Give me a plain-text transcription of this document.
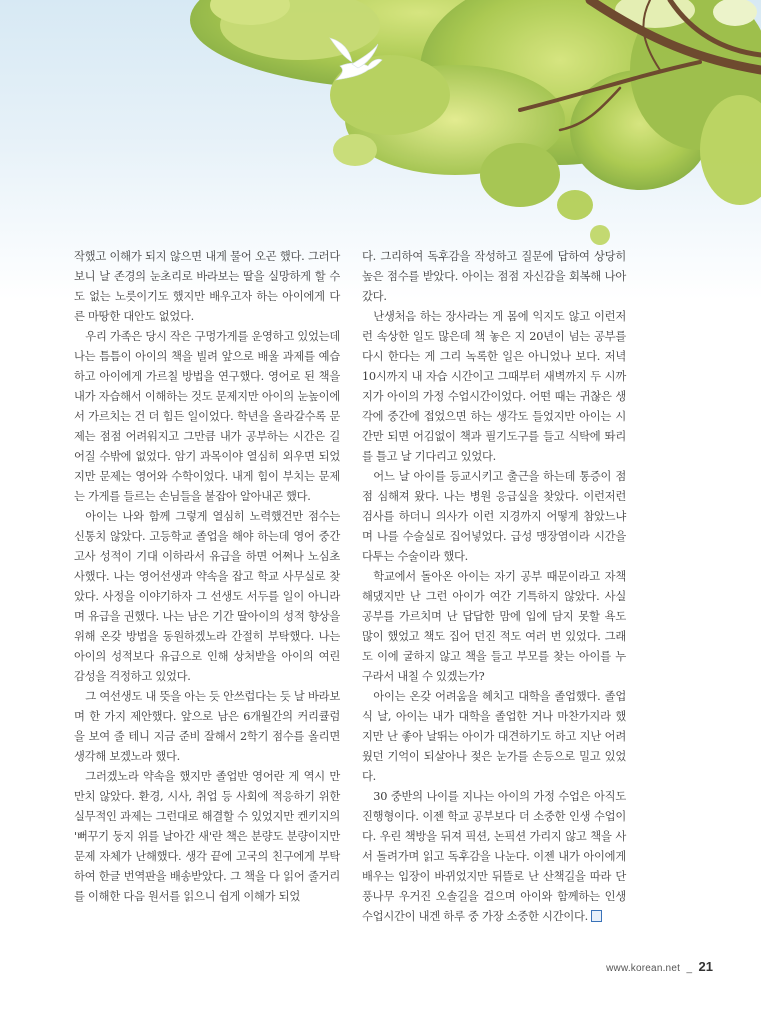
작했고 이해가 되지 않으면 내게 물어 오곤 했다. 그러다 보니 날 존경의 눈초리로 바라보는 딸을 실망하게 할 수도 없는 노릇이기도 했지만 배우고자 하는 아이에게 다른 마땅한 대안도 없었다.

우리 가족은 당시 작은 구멍가게를 운영하고 있었는데 나는 틈틈이 아이의 책을 빌려 앞으로 배울 과제를 예습하고 아이에게 가르칠 방법을 연구했다. 영어로 된 책을 내가 자습해서 이해하는 것도 문제지만 아이의 눈높이에서 가르치는 건 더 힘든 일이었다. 학년을 올라갈수록 문제는 점점 어려워지고 그만큼 내가 공부하는 시간은 길어질 수밖에 없었다. 암기 과목이야 열심히 외우면 되었지만 문제는 영어와 수학이었다. 내게 힘이 부치는 문제는 가게를 들르는 손님들을 붙잡아 알아내곤 했다.

아이는 나와 함께 그렇게 열심히 노력했건만 점수는 신통치 않았다. 고등학교 졸업을 해야 하는데 영어 중간고사 성적이 기대 이하라서 유급을 하면 어쩌나 노심초사했다. 나는 영어선생과 약속을 잡고 학교 사무실로 찾았다. 사정을 이야기하자 그 선생도 서두를 일이 아니라며 유급을 권했다. 나는 남은 기간 딸아이의 성적 향상을 위해 온갖 방법을 동원하겠노라 간절히 부탁했다. 나는 아이의 성적보다 유급으로 인해 상처받을 아이의 여린 감성을 걱정하고 있었다.

그 여선생도 내 뜻을 아는 듯 안쓰럽다는 듯 날 바라보며 한 가지 제안했다. 앞으로 남은 6개월간의 커리큘럼을 보여 줄 테니 지금 준비 잘해서 2학기 점수를 올리면 생각해 보겠노라 했다.

그러겠노라 약속을 했지만 졸업반 영어란 게 역시 만만치 않았다. 환경, 시사, 취업 등 사회에 적응하기 위한 실무적인 과제는 그런대로 해결할 수 있었지만 켄키지의 '뻐꾸기 둥지 위를 날아간 새'란 책은 분량도 분량이지만 문제 자체가 난해했다. 생각 끝에 고국의 친구에게 부탁하여 한글 번역판을 배송받았다. 그 책을 다 읽어 줄거리를 이해한 다음 원서를 읽으니 쉽게 이해가 되었

다. 그리하여 독후감을 작성하고 질문에 답하여 상당히 높은 점수를 받았다. 아이는 점점 자신감을 회복해 나아갔다.

난생처음 하는 장사라는 게 몸에 익지도 않고 이런저런 속상한 일도 많은데 책 놓은 지 20년이 넘는 공부를 다시 한다는 게 그리 녹록한 일은 아니었나 보다. 저녁 10시까지 내 자습 시간이고 그때부터 새벽까지 두 시까지가 아이의 가정 수업시간이었다. 어떤 때는 귀찮은 생각에 중간에 접었으면 하는 생각도 들었지만 아이는 시간만 되면 어김없이 책과 필기도구를 들고 식탁에 똬리를 틀고 날 기다리고 있었다.

어느 날 아이를 등교시키고 출근을 하는데 통증이 점점 심해져 왔다. 나는 병원 응급실을 찾았다. 이런저런 검사를 하더니 의사가 이런 지경까지 어떻게 참았느냐며 나를 수술실로 집어넣었다. 급성 맹장염이라 시간을 다투는 수술이라 했다.

학교에서 돌아온 아이는 자기 공부 때문이라고 자책해댔지만 난 그런 아이가 여간 기특하지 않았다. 사실 공부를 가르치며 난 답답한 맘에 입에 담지 못할 욕도 많이 했었고 책도 집어 던진 적도 여러 번 있었다. 그래도 이에 굴하지 않고 책을 들고 부모를 찾는 아이를 누구라서 내칠 수 있겠는가?

아이는 온갖 어려움을 헤치고 대학을 졸업했다. 졸업식 날, 아이는 내가 대학을 졸업한 거나 마찬가지라 했지만 난 좋아 날뛰는 아이가 대견하기도 하고 지난 어려웠던 기억이 되살아나 젖은 눈가를 손등으로 밀고 있었다.

30 중반의 나이를 지나는 아이의 가정 수업은 아직도 진행형이다. 이젠 학교 공부보다 더 소중한 인생 수업이다. 우린 책방을 뒤져 픽션, 논픽션 가리지 않고 책을 사서 돌려가며 읽고 독후감을 나눈다. 이젠 내가 아이에게 배우는 입장이 바뀌었지만 뒤뜰로 난 산책길을 따라 단풍나무 우거진 오솔길을 걸으며 아이와 함께하는 인생 수업시간이 내겐 하루 중 가장 소중한 시간이다.

www.korean.net _ 21
